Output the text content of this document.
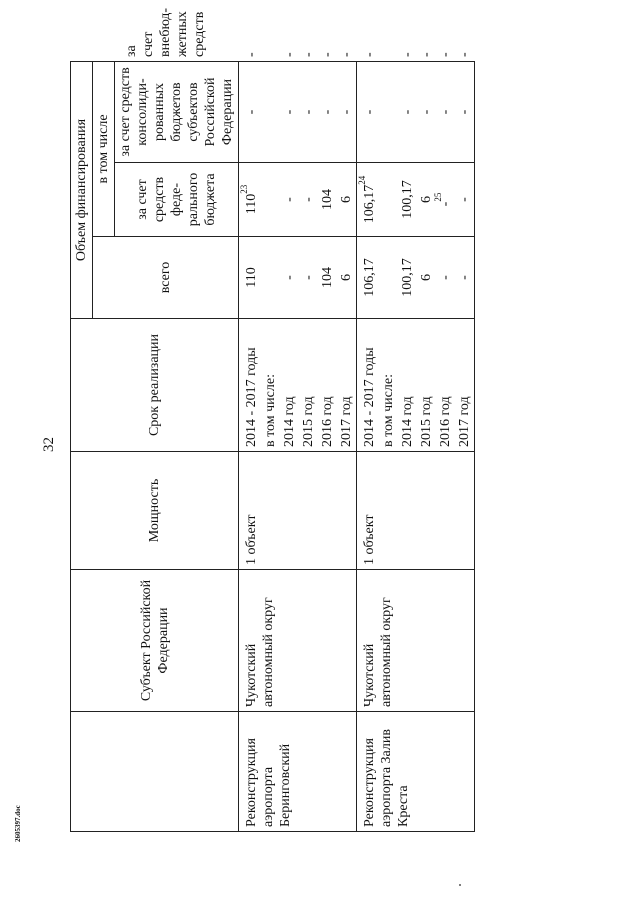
32
2605397.doc
	Субъект Российской Федерации	Мощность	Срок реализации	Объем финансирования			
				всего	в том числе		за счет внебюд-жетных средств
					за счет средств феде-рального бюджета	за счет средств консолиди-рованных бюджетов субъектов Российской Федерации	
Реконструкция аэропорта Беринговский	Чукотский автономный округ	1 объект	2014 - 2017 годы	110	$110^{23}$	-	-
			в том числе:				
			2014 год	-	-	-	-
			2015 год	-	-	-	-
			2016 год	104	104	-	-
			2017 год	6	6	-	-
Реконструкция аэропорта Залив Креста	Чукотский автономный округ	1 объект	2014 - 2017 годы	106,17	106,17$^{24}$	-	-
			в том числе:				
			2014 год	100,17	100,17	-	-
			2015 год	6	6	-	-
			2016 год	-	-$^{25}$	-	-
			2017 год	-	-	-	-
